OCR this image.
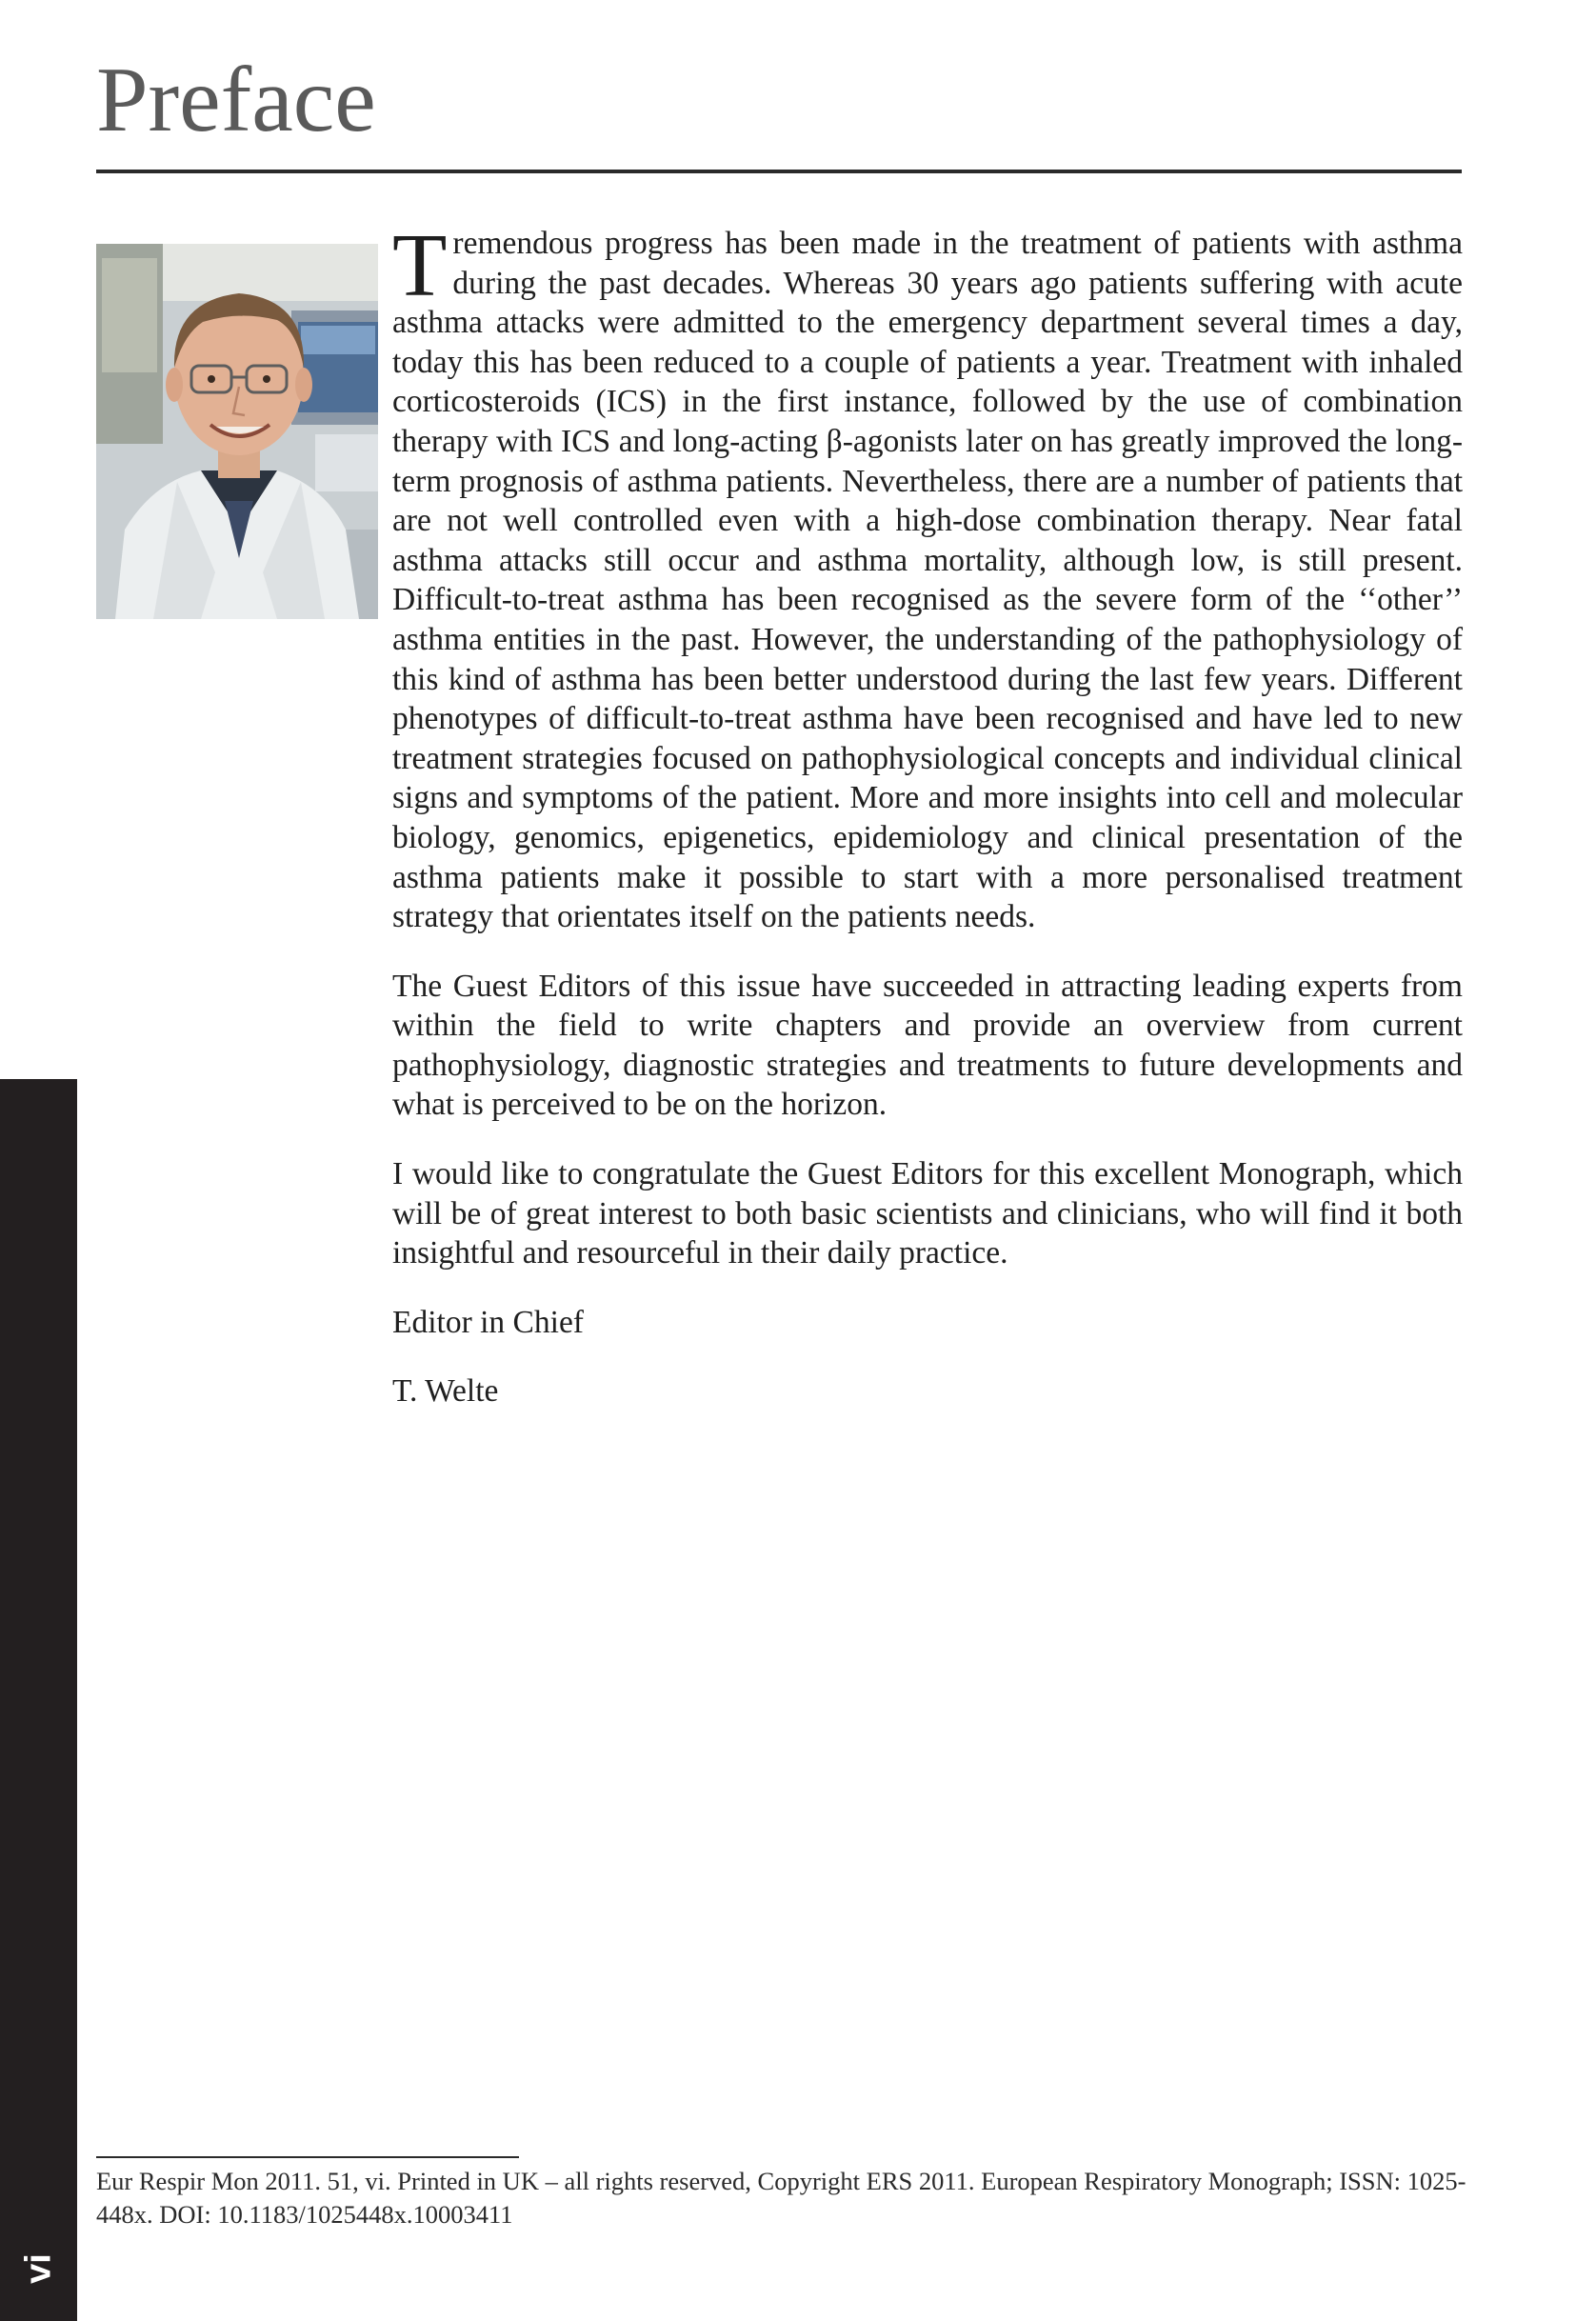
Preface

Tremendous progress has been made in the treatment of patients with asthma during the past decades. Whereas 30 years ago patients suffering with acute asthma attacks were admitted to the emergency department several times a day, today this has been reduced to a couple of patients a year. Treatment with inhaled corticosteroids (ICS) in the first instance, followed by the use of combination therapy with ICS and long-acting β-agonists later on has greatly improved the long-term prognosis of asthma patients. Nevertheless, there are a number of patients that are not well controlled even with a high-dose combination therapy. Near fatal asthma attacks still occur and asthma mortality, although low, is still present. Difficult-to-treat asthma has been recognised as the severe form of the ‘‘other’’ asthma entities in the past. However, the understanding of the pathophysiology of this kind of asthma has been better understood during the last few years. Different phenotypes of difficult-to-treat asthma have been recognised and have led to new treatment strategies focused on pathophysiological concepts and individual clinical signs and symptoms of the patient. More and more insights into cell and molecular biology, genomics, epigenetics, epidemiology and clinical presentation of the asthma patients make it possible to start with a more personalised treatment strategy that orientates itself on the patients needs.

The Guest Editors of this issue have succeeded in attracting leading experts from within the field to write chapters and provide an overview from current pathophysiology, diagnostic strategies and treatments to future developments and what is perceived to be on the horizon.

I would like to congratulate the Guest Editors for this excellent Monograph, which will be of great interest to both basic scientists and clinicians, who will find it both insightful and resourceful in their daily practice.

Editor in Chief

T. Welte

vi
Eur Respir Mon 2011. 51, vi. Printed in UK – all rights reserved, Copyright ERS 2011. European Respiratory Monograph; ISSN: 1025-448x. DOI: 10.1183/1025448x.10003411
